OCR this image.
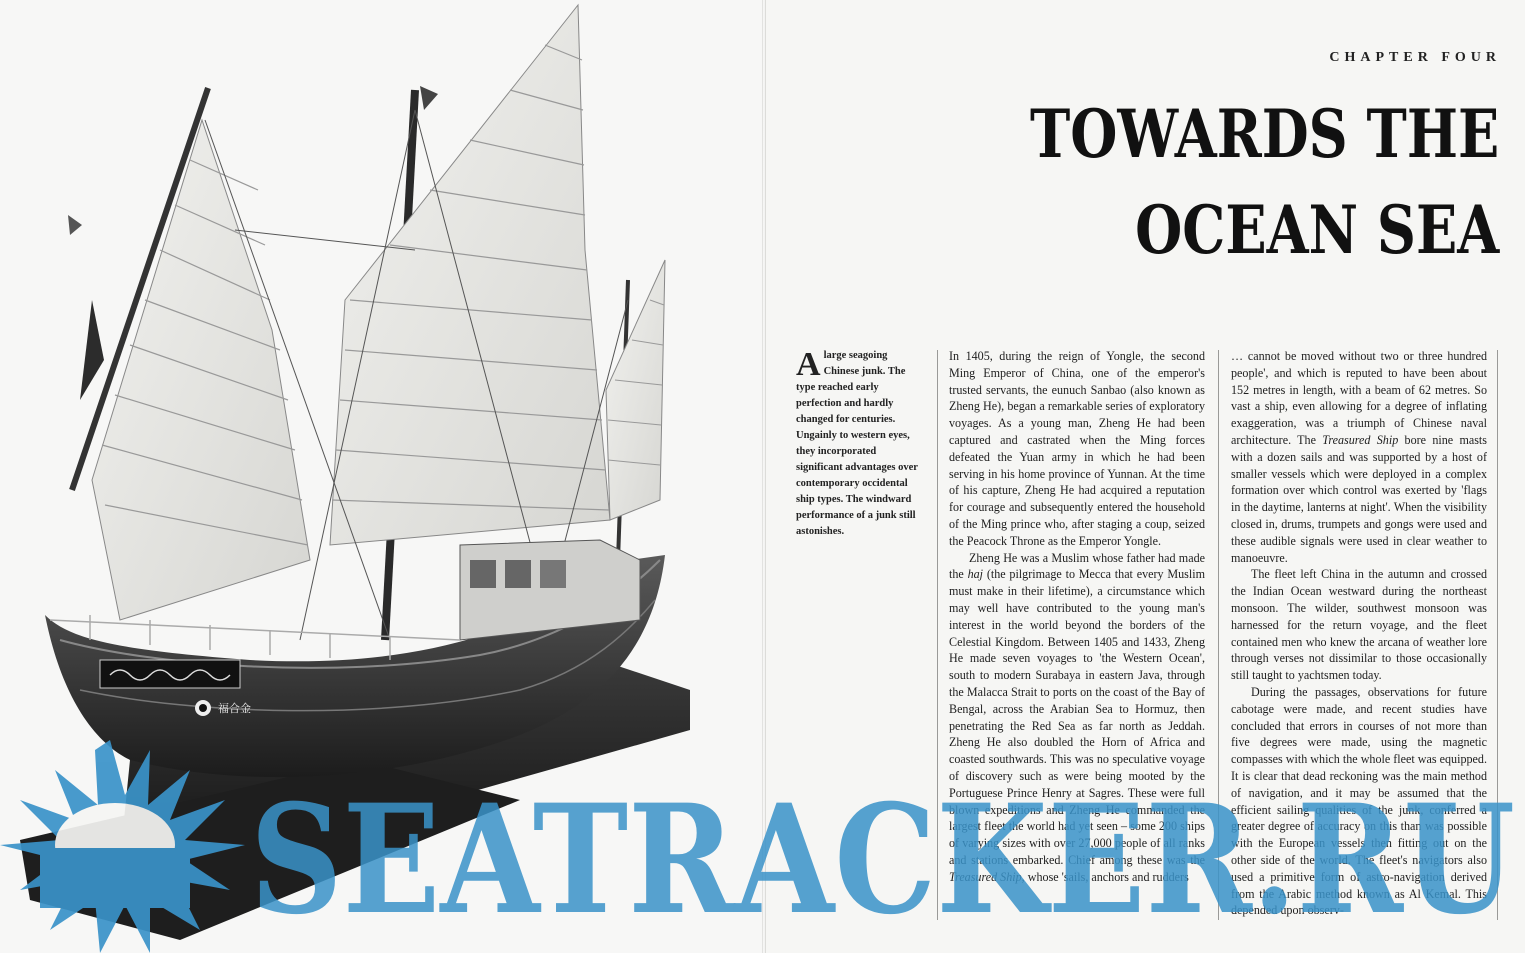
福合金
CHAPTER FOUR
TOWARDS THE
OCEAN SEA
Alarge seagoing Chinese junk. The type reached early perfection and hardly changed for centuries. Ungainly to western eyes, they incorporated significant advantages over contemporary occidental ship types. The windward performance of a junk still astonishes.

In 1405, during the reign of Yongle, the second Ming Emperor of China, one of the emperor's trusted servants, the eunuch Sanbao (also known as Zheng He), began a remarkable series of exploratory voyages. As a young man, Zheng He had been captured and castrated when the Ming forces defeated the Yuan army in which he had been serving in his home province of Yunnan. At the time of his capture, Zheng He had acquired a reputation for courage and subsequently entered the household of the Ming prince who, after staging a coup, seized the Peacock Throne as the Emperor Yongle.

Zheng He was a Muslim whose father had made the haj (the pilgrimage to Mecca that every Muslim must make in their lifetime), a circumstance which may well have contributed to the young man's interest in the world beyond the borders of the Celestial Kingdom. Between 1405 and 1433, Zheng He made seven voyages to 'the Western Ocean', south to modern Surabaya in eastern Java, through the Malacca Strait to ports on the coast of the Bay of Bengal, across the Arabian Sea to Hormuz, then penetrating the Red Sea as far north as Jeddah. Zheng He also doubled the Horn of Africa and coasted southwards. This was no speculative voyage of discovery such as were being mooted by the Portuguese Prince Henry at Sagres. These were full blown expeditions and Zheng He commanded the largest fleet the world had yet seen – some 200 ships of varying sizes with over 27,000 people of all ranks and stations embarked. Chief among these was the Treasured Ship, whose 'sails, anchors and rudders

… cannot be moved without two or three hundred people', and which is reputed to have been about 152 metres in length, with a beam of 62 metres. So vast a ship, even allowing for a degree of inflating exaggeration, was a triumph of Chinese naval architecture. The Treasured Ship bore nine masts with a dozen sails and was supported by a host of smaller vessels which were deployed in a complex formation over which control was exerted by 'flags in the daytime, lanterns at night'. When the visibility closed in, drums, trumpets and gongs were used and these audible signals were used in clear weather to manoeuvre.

The fleet left China in the autumn and crossed the Indian Ocean westward during the northeast monsoon. The wilder, southwest monsoon was harnessed for the return voyage, and the fleet contained men who knew the arcana of weather lore through verses not dissimilar to those occasionally still taught to yachtsmen today.

During the passages, observations for future cabotage were made, and recent studies have concluded that errors in courses of not more than five degrees were made, using the magnetic compasses with which the whole fleet was equipped. It is clear that dead reckoning was the main method of navigation, and it may be assumed that the efficient sailing qualities of the junk, conferred a greater degree of accuracy on this than was possible with the European vessels then fitting out on the other side of the world. The fleet's navigators also used a primitive form of astro-navigation derived from the Arabic method known as Al Kemal. This depended upon observ-

SEATRACKER.RU
